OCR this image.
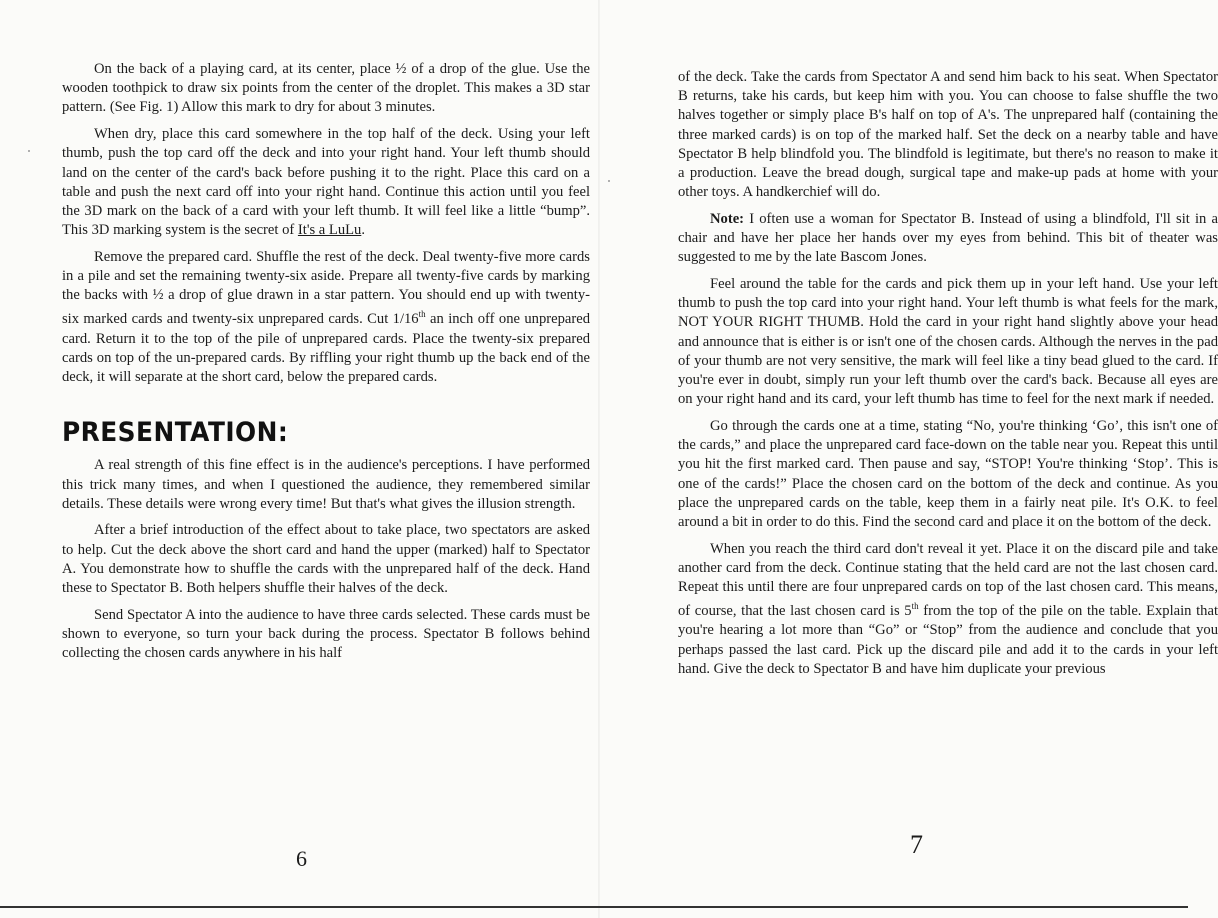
On the back of a playing card, at its center, place ½ of a drop of the glue. Use the wooden toothpick to draw six points from the center of the droplet. This makes a 3D star pattern. (See Fig. 1) Allow this mark to dry for about 3 minutes.

When dry, place this card somewhere in the top half of the deck. Using your left thumb, push the top card off the deck and into your right hand. Your left thumb should land on the center of the card's back before pushing it to the right. Place this card on a table and push the next card off into your right hand. Continue this action until you feel the 3D mark on the back of a card with your left thumb. It will feel like a little “bump”. This 3D marking system is the secret of It's a LuLu.

Remove the prepared card. Shuffle the rest of the deck. Deal twenty-five more cards in a pile and set the remaining twenty-six aside. Prepare all twenty-five cards by marking the backs with ½ a drop of glue drawn in a star pattern. You should end up with twenty-six marked cards and twenty-six unprepared cards. Cut 1/16th an inch off one unprepared card. Return it to the top of the pile of unprepared cards. Place the twenty-six prepared cards on top of the un-prepared cards. By riffling your right thumb up the back end of the deck, it will separate at the short card, below the prepared cards.

PRESENTATION:

A real strength of this fine effect is in the audience's perceptions. I have performed this trick many times, and when I questioned the audience, they remembered similar details. These details were wrong every time! But that's what gives the illusion strength.

After a brief introduction of the effect about to take place, two spectators are asked to help. Cut the deck above the short card and hand the upper (marked) half to Spectator A. You demonstrate how to shuffle the cards with the unprepared half of the deck. Hand these to Spectator B. Both helpers shuffle their halves of the deck.

Send Spectator A into the audience to have three cards selected. These cards must be shown to everyone, so turn your back during the process. Spectator B follows behind collecting the chosen cards anywhere in his half

6

of the deck. Take the cards from Spectator A and send him back to his seat. When Spectator B returns, take his cards, but keep him with you. You can choose to false shuffle the two halves together or simply place B's half on top of A's. The unprepared half (containing the three marked cards) is on top of the marked half. Set the deck on a nearby table and have Spectator B help blindfold you. The blindfold is legitimate, but there's no reason to make it a production. Leave the bread dough, surgical tape and make-up pads at home with your other toys. A handkerchief will do.

Note: I often use a woman for Spectator B. Instead of using a blindfold, I'll sit in a chair and have her place her hands over my eyes from behind. This bit of theater was suggested to me by the late Bascom Jones.

Feel around the table for the cards and pick them up in your left hand. Use your left thumb to push the top card into your right hand. Your left thumb is what feels for the mark, NOT YOUR RIGHT THUMB. Hold the card in your right hand slightly above your head and announce that is either is or isn't one of the chosen cards. Although the nerves in the pad of your thumb are not very sensitive, the mark will feel like a tiny bead glued to the card. If you're ever in doubt, simply run your left thumb over the card's back. Because all eyes are on your right hand and its card, your left thumb has time to feel for the next mark if needed.

Go through the cards one at a time, stating “No, you're thinking ‘Go’, this isn't one of the cards,” and place the unprepared card face-down on the table near you. Repeat this until you hit the first marked card. Then pause and say, “STOP! You're thinking ‘Stop’. This is one of the cards!” Place the chosen card on the bottom of the deck and continue. As you place the unprepared cards on the table, keep them in a fairly neat pile. It's O.K. to feel around a bit in order to do this. Find the second card and place it on the bottom of the deck.

When you reach the third card don't reveal it yet. Place it on the discard pile and take another card from the deck. Continue stating that the held card are not the last chosen card. Repeat this until there are four unprepared cards on top of the last chosen card. This means, of course, that the last chosen card is 5th from the top of the pile on the table. Explain that you're hearing a lot more than “Go” or “Stop” from the audience and conclude that you perhaps passed the last card. Pick up the discard pile and add it to the cards in your left hand. Give the deck to Spectator B and have him duplicate your previous

7
